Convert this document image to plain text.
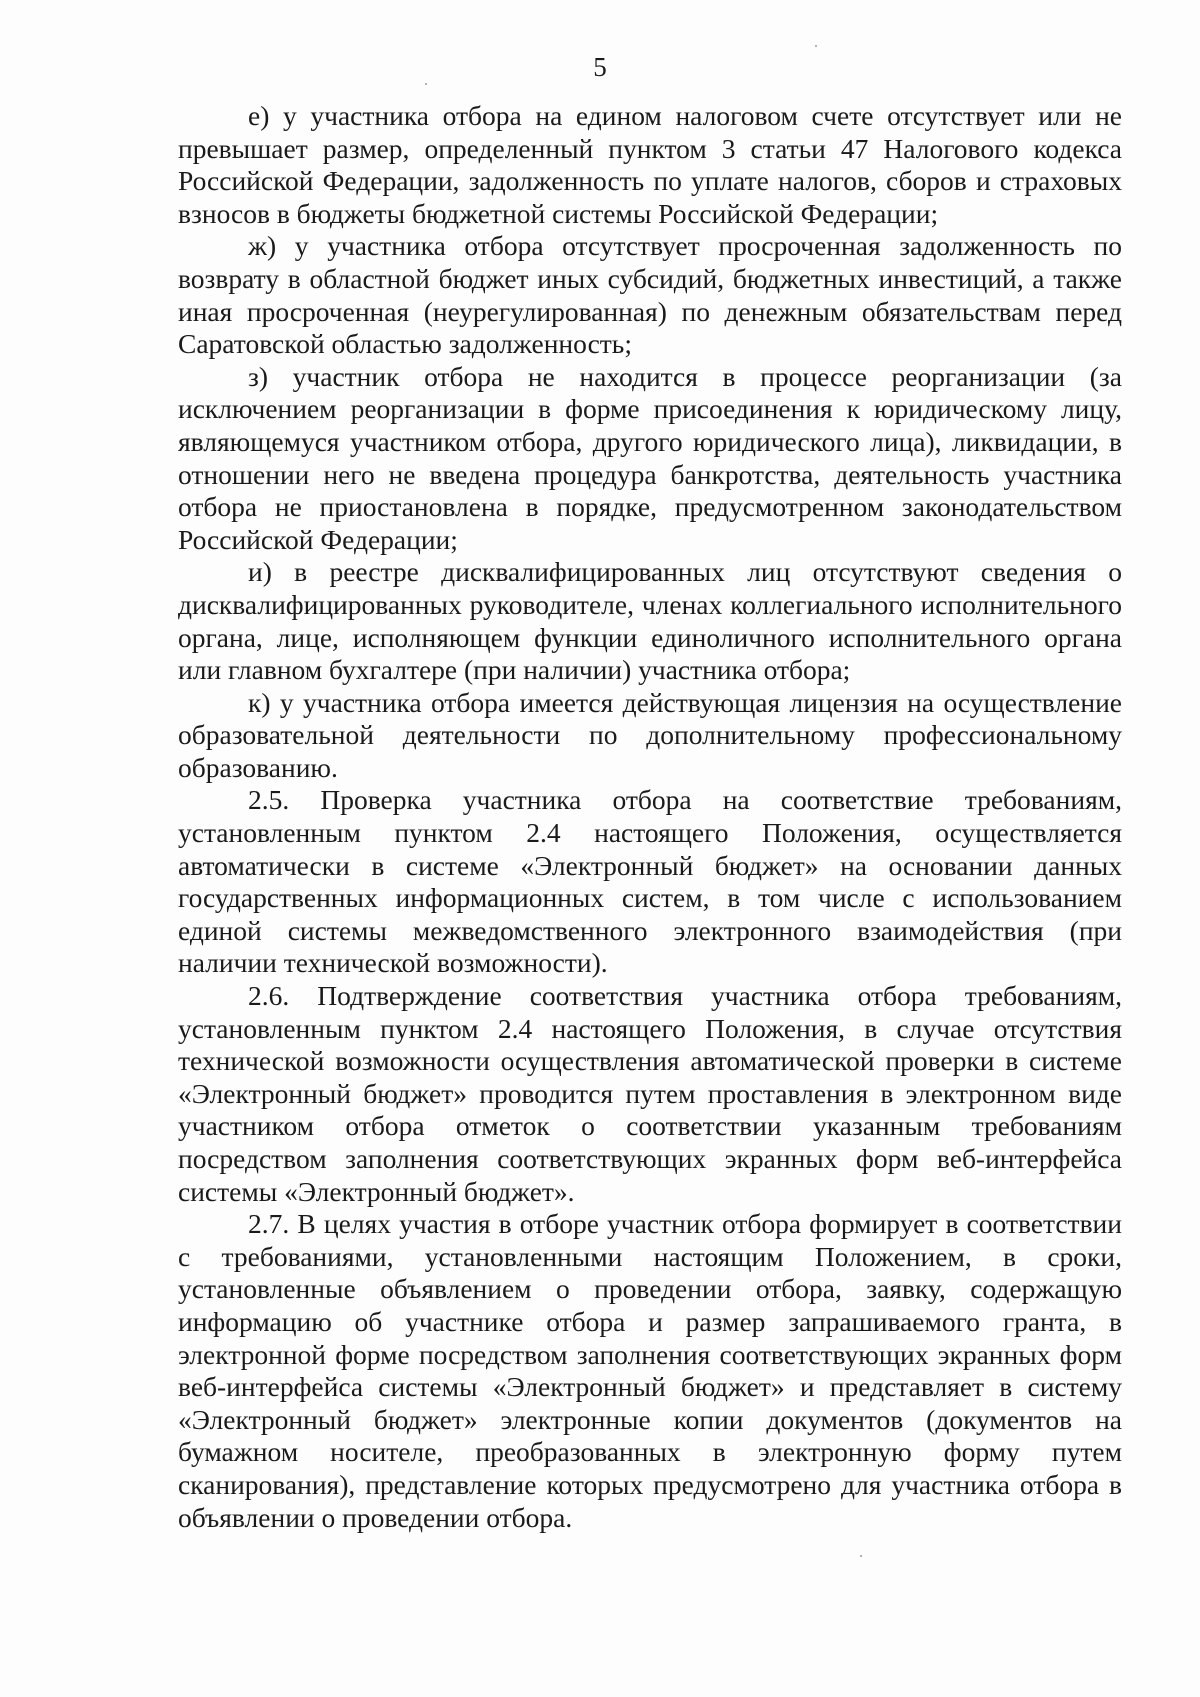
5

е) у участника отбора на едином налоговом счете отсутствует или не превышает размер, определенный пунктом 3 статьи 47 Налогового кодекса Российской Федерации, задолженность по уплате налогов, сборов и страховых взносов в бюджеты бюджетной системы Российской Федерации;

ж) у участника отбора отсутствует просроченная задолженность по возврату в областной бюджет иных субсидий, бюджетных инвестиций, а также иная просроченная (неурегулированная) по денежным обязательствам перед Саратовской областью задолженность;

з) участник отбора не находится в процессе реорганизации (за исключением реорганизации в форме присоединения к юридическому лицу, являющемуся участником отбора, другого юридического лица), ликвидации, в отношении него не введена процедура банкротства, деятельность участника отбора не приостановлена в порядке, предусмотренном законодательством Российской Федерации;

и) в реестре дисквалифицированных лиц отсутствуют сведения о дисквалифицированных руководителе, членах коллегиального исполнительного органа, лице, исполняющем функции единоличного исполнительного органа или главном бухгалтере (при наличии) участника отбора;

к) у участника отбора имеется действующая лицензия на осуществление образовательной деятельности по дополнительному профессиональному образованию.

2.5. Проверка участника отбора на соответствие требованиям, установленным пунктом 2.4 настоящего Положения, осуществляется автоматически в системе «Электронный бюджет» на основании данных государственных информационных систем, в том числе с использованием единой системы межведомственного электронного взаимодействия (при наличии технической возможности).

2.6. Подтверждение соответствия участника отбора требованиям, установленным пунктом 2.4 настоящего Положения, в случае отсутствия технической возможности осуществления автоматической проверки в системе «Электронный бюджет» проводится путем проставления в электронном виде участником отбора отметок о соответствии указанным требованиям посредством заполнения соответствующих экранных форм веб-интерфейса системы «Электронный бюджет».

2.7. В целях участия в отборе участник отбора формирует в соответствии с требованиями, установленными настоящим Положением, в сроки, установленные объявлением о проведении отбора, заявку, содержащую информацию об участнике отбора и размер запрашиваемого гранта, в электронной форме посредством заполнения соответствующих экранных форм веб-интерфейса системы «Электронный бюджет» и представляет в систему «Электронный бюджет» электронные копии документов (документов на бумажном носителе, преобразованных в электронную форму путем сканирования), представление которых предусмотрено для участника отбора в объявлении о проведении отбора.
